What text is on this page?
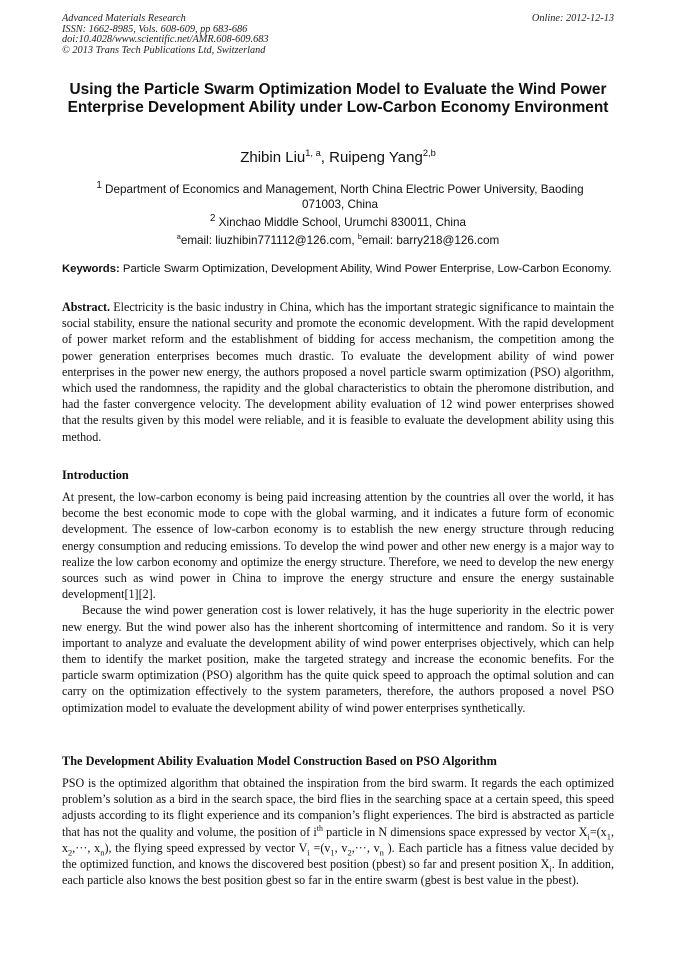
Advanced Materials Research
ISSN: 1662-8985, Vols. 608-609, pp 683-686
doi:10.4028/www.scientific.net/AMR.608-609.683
© 2013 Trans Tech Publications Ltd, Switzerland
Online: 2012-12-13
Using the Particle Swarm Optimization Model to Evaluate the Wind Power Enterprise Development Ability under Low-Carbon Economy Environment
Zhibin Liu$^{1, a}$, Ruipeng Yang$^{2,b}$
$^1$ Department of Economics and Management, North China Electric Power University, Baoding 071003, China
$^2$ Xinchao Middle School, Urumchi 830011, China
$^a$email: liuzhibin771112@126.com, $^b$email: barry218@126.com
Keywords: Particle Swarm Optimization, Development Ability, Wind Power Enterprise, Low-Carbon Economy.

Abstract. Electricity is the basic industry in China, which has the important strategic significance to maintain the social stability, ensure the national security and promote the economic development. With the rapid development of power market reform and the establishment of bidding for access mechanism, the competition among the power generation enterprises becomes much drastic. To evaluate the development ability of wind power enterprises in the power new energy, the authors proposed a novel particle swarm optimization (PSO) algorithm, which used the randomness, the rapidity and the global characteristics to obtain the pheromone distribution, and had the faster convergence velocity. The development ability evaluation of 12 wind power enterprises showed that the results given by this model were reliable, and it is feasible to evaluate the development ability using this method.

Introduction

At present, the low-carbon economy is being paid increasing attention by the countries all over the world, it has become the best economic mode to cope with the global warming, and it indicates a future form of economic development. The essence of low-carbon economy is to establish the new energy structure through reducing energy consumption and reducing emissions. To develop the wind power and other new energy is a major way to realize the low carbon economy and optimize the energy structure. Therefore, we need to develop the new energy sources such as wind power in China to improve the energy structure and ensure the energy sustainable development[1][2].

Because the wind power generation cost is lower relatively, it has the huge superiority in the electric power new energy. But the wind power also has the inherent shortcoming of intermittence and random. So it is very important to analyze and evaluate the development ability of wind power enterprises objectively, which can help them to identify the market position, make the targeted strategy and increase the economic benefits. For the particle swarm optimization (PSO) algorithm has the quite quick speed to approach the optimal solution and can carry on the optimization effectively to the system parameters, therefore, the authors proposed a novel PSO optimization model to evaluate the development ability of wind power enterprises synthetically.

The Development Ability Evaluation Model Construction Based on PSO Algorithm

PSO is the optimized algorithm that obtained the inspiration from the bird swarm. It regards the each optimized problem’s solution as a bird in the search space, the bird flies in the searching space at a certain speed, this speed adjusts according to its flight experience and its companion’s flight experiences. The bird is abstracted as particle that has not the quality and volume, the position of $i^{th}$ particle in N dimensions space expressed by vector $X_i=(x_1$, $x_2,\cdot\cdot\cdot$, $x_n$), the flying speed expressed by vector $V_i =(v_1$, $v_2,\cdot\cdot\cdot$, $v_n$ ). Each particle has a fitness value decided by the optimized function, and knows the discovered best position (pbest) so far and present position $X_i$. In addition, each particle also knows the best position gbest so far in the entire swarm (gbest is best value in the pbest).
